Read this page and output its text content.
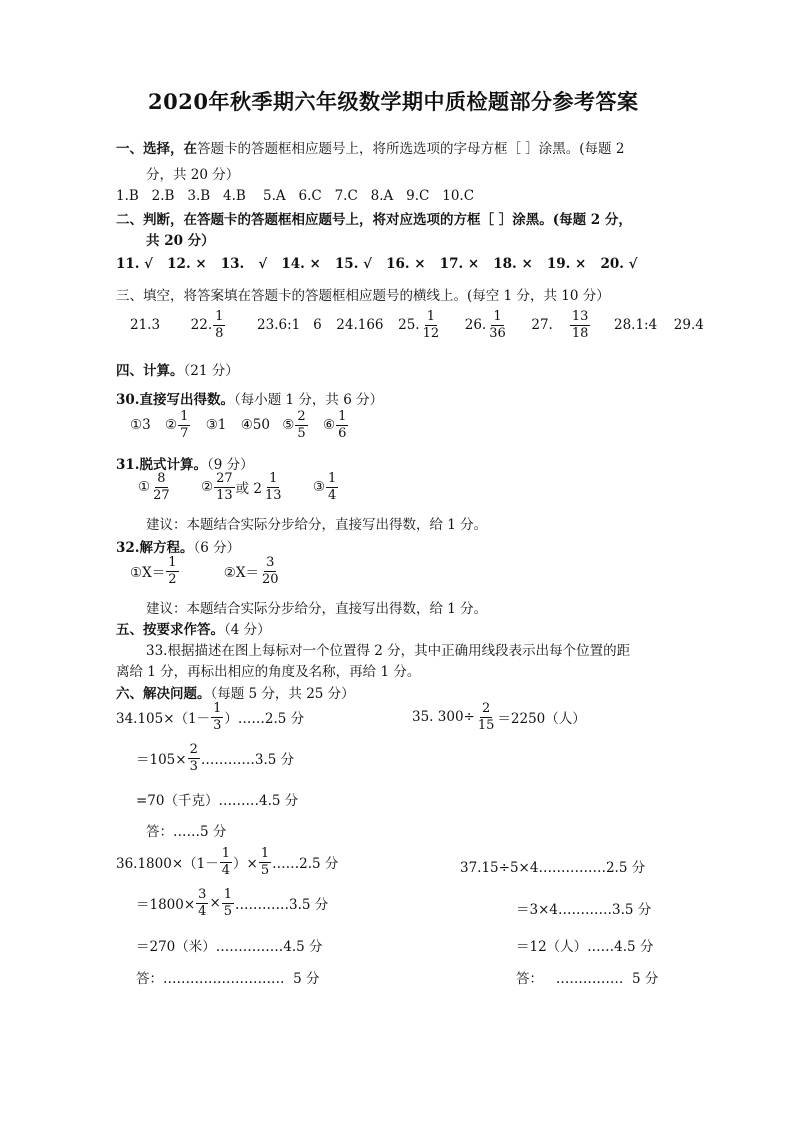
2020年秋季期六年级数学期中质检题部分参考答案
一、选择，在答题卡的答题框相应题号上，将所选选项的字母方框［ ］涂黑。(每题 2
分，共 20 分）
1.B   2.B   3.B   4.B    5.A   6.C   7.C   8.A   9.C   10.C
二、判断，在答题卡的答题框相应题号上，将对应选项的方框［ ］涂黑。(每题 2 分，
共 20 分）
11. √   12. ×   13.   √   14. ×   15. √   16. ×   17. ×   18. ×   19. ×   20. √
三、填空，将答案填在答题卡的答题框相应题号的横线上。(每空 1 分，共 10 分）
21.3 22. $\frac{1}{8}$ 23.6:1   6 24.166 25. $\frac{1}{12} 26$. $\frac{1}{36} 27$. $\frac{13}{18}$ 28.1:4 29.4
四、计算。（21 分）
30.直接写出得数。（每小题 1 分，共 6 分）
①3 ② $\frac{1}{7}$ ③1 ④50 ⑤ $\frac{2}{5}$ ⑥ $\frac{1}{6}$
31.脱式计算。（9 分）
① $\frac{8}{27}$ ② $\frac{27}{13}$ 或 $2 \frac{1}{13}$ ③ $\frac{1}{4}$
建议：本题结合实际分步给分，直接写出得数，给 1 分。
32.解方程。（6 分）
①X＝ $\frac{1}{2}$	②X＝ $\frac{3}{20}$
建议：本题结合实际分步给分，直接写出得数，给 1 分。
五、按要求作答。（4 分）
33.根据描述在图上每标对一个位置得 2 分，其中正确用线段表示出每个位置的距
离给 1 分，再标出相应的角度及名称，再给 1 分。
六、解决问题。（每题 5 分，共 25 分）
$34.105\times(1- \frac{1}{3}$ ）……2.5 分
$=105\times \frac{2}{3}$ …………3.5 分
=70（千克）………4.5 分
答：……5 分
35. $300\div \frac{2}{15} =2250$（人）
$36.1800\times(1- \frac{1}{4}$ ）× $\frac{1}{5}$ ……2.5 分
$=1800\times \frac{3}{4} \times \frac{1}{5}$ …………3.5 分
＝270（米）……………4.5 分
答：………………………  5 分
37.15÷5×4……………2.5 分
＝3×4…………3.5 分
＝12（人）……4.5 分
答：   ……………  5 分
